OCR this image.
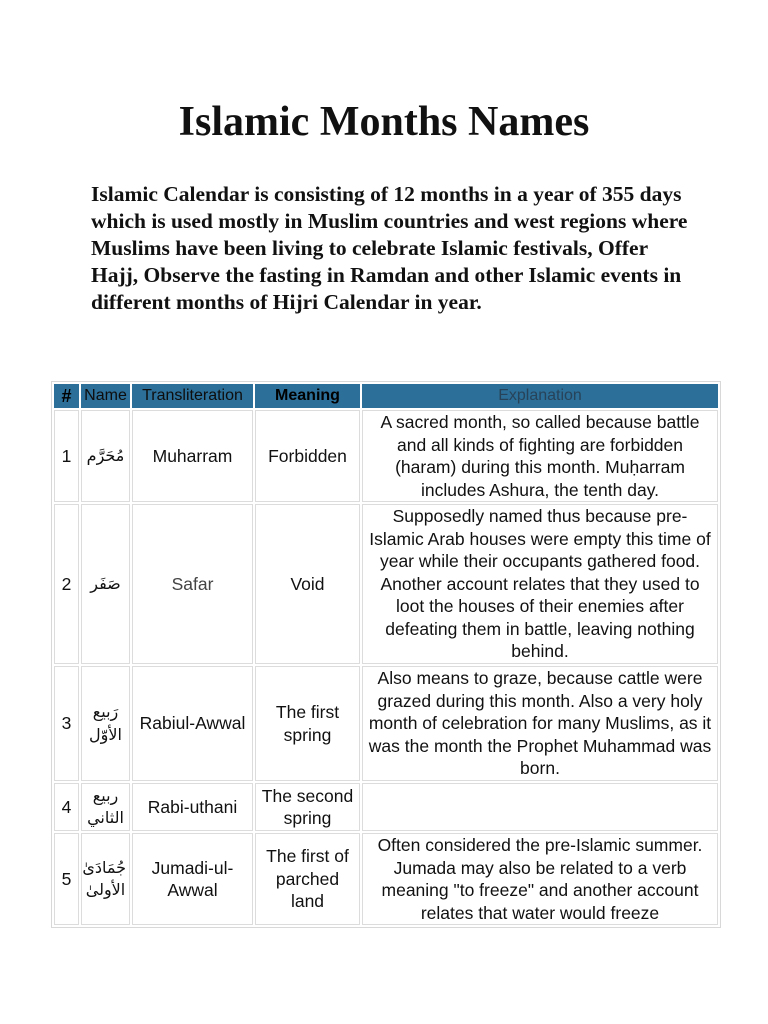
Islamic Months Names

Islamic Calendar is consisting of 12 months in a year of 355 days which is used mostly in Muslim countries and west regions where Muslims have been living to celebrate Islamic festivals, Offer Hajj, Observe the fasting in Ramdan and other Islamic events in different months of Hijri Calendar in year.

#	Name	Transliteration	Meaning	Explanation
1	مُحَرَّم	Muharram	Forbidden	A sacred month, so called because battle and all kinds of fighting are forbidden (haram) during this month. Muḥarram includes Ashura, the tenth day.
2	صَفَر	Safar	Void	Supposedly named thus because pre-Islamic Arab houses were empty this time of year while their occupants gathered food. Another account relates that they used to loot the houses of their enemies after defeating them in battle, leaving nothing behind.
3	رَبيع الأوّل	Rabiul-Awwal	The first spring	Also means to graze, because cattle were grazed during this month. Also a very holy month of celebration for many Muslims, as it was the month the Prophet Muhammad was born.
4	ربيع الثاني	Rabi-uthani	The second spring	
5	جُمَادَىٰ الأولىٰ	Jumadi-ul-Awwal	The first of parched land	Often considered the pre-Islamic summer. Jumada may also be related to a verb meaning "to freeze" and another account relates that water would freeze
